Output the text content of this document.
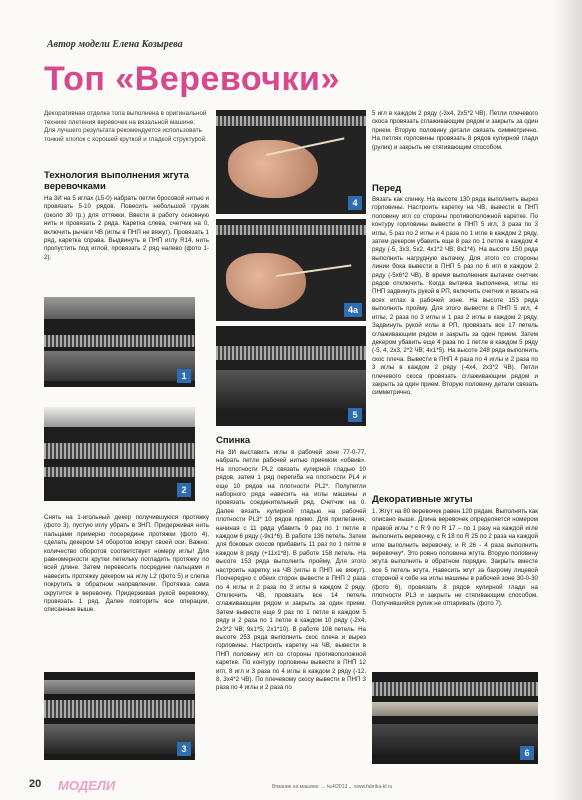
Автор модели Елена Козырева
Топ «Веревочки»
Декоративная отделка топа выполнена в оригинальной технике плетения веревочек на вязальной машине. Для лучшего результата рекомендуется использовать тонкий хлопок с хорошей круткой и гладкой структурой.
Технология выполнения жгута веревочками
На 3И на 5 иглах (L5-0) набрать петли бросовой нитью и провязать 5-10 рядов. Повесить небольшой грузик (около 30 гр.) для оттяжки. Ввести в работу основную нить и провязать 2 ряда. Каретка слева, счетчик на 0, включить рычаги ЧВ (иглы в ПНП не вяжут). Провязать 1 ряд, каретка справа. Выдвинуть в ПНП иглу R14, нить пропустить под иглой, провязать 2 ряд налево (фото 1-2).
1
2
Снять на 1-игольный декер получившуюся протяжку (фото 3), пустую иглу убрать в ЗНП. Придерживая нить пальцами примерно посередине протяжки (фото 4), сделать декером 14 оборотов вокруг своей оси. Важно: количество оборотов соответствует номеру иглы! Для равномерности крутки петельку погладить протяжку по всей длине. Затем перевесить посредине пальцами и навесить протяжку декером на иглу L2 (фото 5) и слегка покрутить в обратном направлении. Протяжка сама скрутится в веревочку. Придерживая рукой веревочку, провязать 1 ряд. Далее повторить все операции, описанные выше.
3
4
4а
5
Спинка
На ЗИ выставить иглы в рабочей зоне 77-0-77, набрать петли рабочей нитью приемом «обвив». На плотности PL2 связать кулирной гладью 10 рядов, затем 1 ряд перегиба на плотности PL4 и еще 10 рядов на плотности PL2*. Полупетли наборного ряда навесить на иглы машины и провязать соединительный ряд. Счетчик на 0. Далее вязать кулирной гладью на рабочей плотности PL3* 10 рядов прямо. Для прилегания, начиная с 11 ряда убавить 9 раз по 1 петле в каждом 6 ряду (-9х1*6). В работе 136 петель. Затем для боковых скосов прибавить 11 раз по 1 петле в каждом 8 ряду (+11х1*8). В работе 158 петель. На высоте 153 ряда выполнить пройму. Для этого настроить каретку на ЧВ (иглы в ПНП не вяжут). Поочередно с обеих сторон вывести в ПНП 2 раза по 4 иглы и 2 раза по 3 иглы в каждом 2 ряду. Отключить ЧВ, провязать все 14 петель сглаживающим рядом и закрыть за один прием. Затем вывести еще 9 раз по 1 петле в каждом 5 ряду и 2 раза по 1 петле в каждом 10 ряду (-2х4, 2х3*2 ЧВ; 9х1*5; 2х1*10). В работе 108 петель. На высоте 253 ряда выполнить скос плеча и вырез горловины. Настроить каретку на ЧВ, вывести в ПНП половину игл со стороны противоположной каретке. По контуру горловины вывести в ПНП 12 игл, 8 игл и 3 раза по 4 иглы в каждом 2 ряду (-12, 8, 3х4*2 ЧВ). По плечевому скосу вывести в ПНП 3 раза по 4 иглы и 2 раза по
5 игл в каждом 2 ряду (-3х4, 2х5*2 ЧВ). Петли плечевого скоса провязать сглаживающим рядом и закрыть за один прием. Вторую половину детали связать симметрично. На петлях горловины провязать 8 рядов кулирной глади (рулик) и закрыть не стягивающим способом.
Перед
Вязать как спинку. На высоте 130 ряда выполнить вырез горловины. Настроить каретку на ЧВ, вывести в ПНП половину игл со стороны противоположной каретке. По контуру горловины вывести в ПНП 5 игл, 3 раза по 3 иглы, 5 раз по 2 иглы и 4 раза по 1 игле в каждом 2 ряду, затем декером убавить еще 8 раз по 1 петле в каждом 4 ряду (-5, 3х3, 5х2, 4х1*2 ЧВ; 8х1*4). На высоте 150 ряда выполнить нагрудную вытачку. Для этого со стороны линии бока вывести в ПНП 5 раз по 6 игл в каждом 2 ряду (-5х6*2 ЧВ). В время выполнения вытачки счетчик рядов отключить. Когда вытачка выполнена, иглы из ПНП задвинуть рукой в РП, включить счетчик и вязать на всех иглах в рабочей зоне. На высоте 153 ряда выполнить пройму. Для этого вывести в ПНП 5 игл, 4 иглы, 2 раза по 3 иглы и 1 раз 2 иглы в каждом 2 ряду. Задвинуть рукой иглы в РП, провязать все 17 петель сглаживающим рядом и закрыть за один прием. Затем декером убавить еще 4 раза по 1 петле в каждом 5 ряду (-5, 4, 2х3, 2*2 ЧВ; 4х1*5). На высоте 248 ряда выполнить скос плеча. Вывести в ПНП 4 раза по 4 иглы и 2 раза по 3 иглы в каждом 2 ряду (-4х4, 2х3*2 ЧВ). Петли плечевого скоса провязать сглаживающим рядом и закрыть за один прием. Вторую половину детали связать симметрично.
Декоративные жгуты
1. Жгут на 80 веревочек равен 120 рядам. Выполнять как описано выше. Длина веревочек определяется номером правой иглы * с R 9 по R 17 – по 1 разу на каждой игле выполнить веревочку, с R 18 по R 25 по 2 раза на каждой игле выполнить веревочку, и R 26 - 4 раза выполнить веревочку*. Это ровно половина жгута. Вторую половину жгута выполнить в обратном порядке. Закрыть вместе все 5 петель жгута. Навесить жгут за бахрому лицевой стороной к себе на иглы машины в рабочей зоне 30-0-30 (фото 6), провязать 8 рядов кулирной глади на плотности PL3 и закрыть не стягивающим способом. Получившийся рулик не отпаривать (фото 7).
6
20 МОДЕЛИ	Вязание на машине: ... №4/2013 ... www.fabrika-kl.ru
